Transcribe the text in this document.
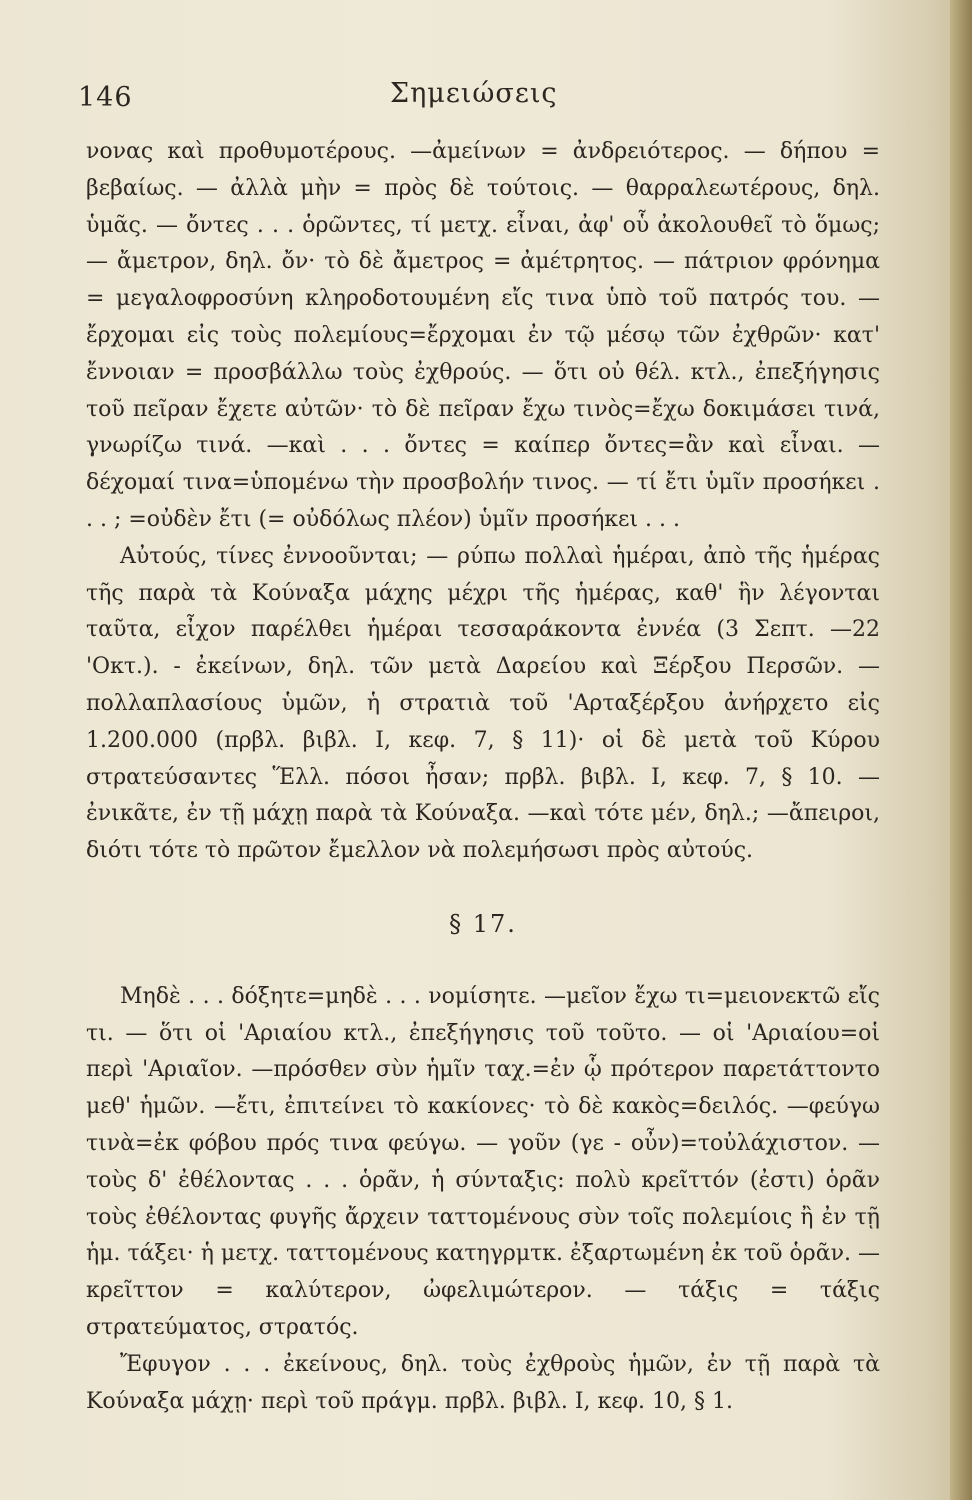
146	Σημειώσεις

νονας καὶ προθυμοτέρους. —ἀμείνων = ἀνδρειότερος. — δήπου = βεβαίως. — ἀλλὰ μὴν = πρὸς δὲ τούτοις. — θαρραλεωτέρους, δηλ. ὑμᾶς. — ὄντες . . . ὁρῶντες, τί μετχ. εἶναι, ἀφ' οὗ ἀκολουθεῖ τὸ ὅμως; — ἄμετρον, δηλ. ὄν· τὸ δὲ ἄμετρος = ἀμέτρητος. — πάτριον φρόνημα = μεγαλοφροσύνη κληροδοτουμένη εἴς τινα ὑπὸ τοῦ πατρός του. —ἔρχομαι εἰς τοὺς πολεμίους=ἔρχομαι ἐν τῷ μέσῳ τῶν ἐχθρῶν· κατ' ἔννοιαν = προσβάλλω τοὺς ἐχθρούς. — ὅτι οὐ θέλ. κτλ., ἐπεξήγησις τοῦ πεῖραν ἔχετε αὐτῶν· τὸ δὲ πεῖραν ἔχω τινὸς=ἔχω δοκιμάσει τινά, γνωρίζω τινά. —καὶ . . . ὄντες = καίπερ ὄντες=ἂν καὶ εἶναι. — δέχομαί τινα=ὑπομένω τὴν προσβολήν τινος. — τί ἔτι ὑμῖν προσήκει . . . ; =οὐδὲν ἔτι (= οὐδόλως πλέον) ὑμῖν προσήκει . . .

Αὐτούς, τίνες ἐννοοῦνται; — ρύπω πολλαὶ ἡμέραι, ἀπὸ τῆς ἡμέρας τῆς παρὰ τὰ Κούναξα μάχης μέχρι τῆς ἡμέρας, καθ' ἣν λέγονται ταῦτα, εἶχον παρέλθει ἡμέραι τεσσαράκοντα ἐννέα (3 Σεπτ. —22 'Οκτ.). - ἐκείνων, δηλ. τῶν μετὰ Δαρείου καὶ Ξέρξου Περσῶν. —πολλαπλασίους ὑμῶν, ἡ στρατιὰ τοῦ 'Αρταξέρξου ἀνήρχετο εἰς 1.200.000 (πρβλ. βιβλ. Ι, κεφ. 7, § 11)· οἱ δὲ μετὰ τοῦ Κύρου στρατεύσαντες Ἕλλ. πόσοι ἦσαν; πρβλ. βιβλ. Ι, κεφ. 7, § 10. —ἐνικᾶτε, ἐν τῇ μάχῃ παρὰ τὰ Κούναξα. —καὶ τότε μέν, δηλ.; —ἄπειροι, διότι τότε τὸ πρῶτον ἔμελλον νὰ πολεμήσωσι πρὸς αὐτούς.

§ 17.

Μηδὲ . . . δόξητε=μηδὲ . . . νομίσητε. —μεῖον ἔχω τι=μειονεκτῶ εἴς τι. — ὅτι οἱ 'Αριαίου κτλ., ἐπεξήγησις τοῦ τοῦτο. — οἱ 'Αριαίου=οἱ περὶ 'Αριαῖον. —πρόσθεν σὺν ἡμῖν ταχ.=ἐν ᾧ πρότερον παρετάττοντο μεθ' ἡμῶν. —ἔτι, ἐπιτείνει τὸ κακίονες· τὸ δὲ κακὸς=δειλός. —φεύγω τινὰ=ἐκ φόβου πρός τινα φεύγω. — γοῦν (γε - οὖν)=τοὐλάχιστον. —τοὺς δ' ἐθέλοντας . . . ὁρᾶν, ἡ σύνταξις: πολὺ κρεῖττόν (ἐστι) ὁρᾶν τοὺς ἐθέλοντας φυγῆς ἄρχειν ταττομένους σὺν τοῖς πολεμίοις ἢ ἐν τῇ ἡμ. τάξει· ἡ μετχ. ταττομένους κατηγρμτκ. ἐξαρτωμένη ἐκ τοῦ ὁρᾶν. —κρεῖττον = καλύτερον, ὠφελιμώτερον. — τάξις = τάξις στρατεύματος, στρατός.

Ἔφυγον . . . ἐκείνους, δηλ. τοὺς ἐχθροὺς ἡμῶν, ἐν τῇ παρὰ τὰ Κούναξα μάχῃ· περὶ τοῦ πράγμ. πρβλ. βιβλ. Ι, κεφ. 10, § 1.
